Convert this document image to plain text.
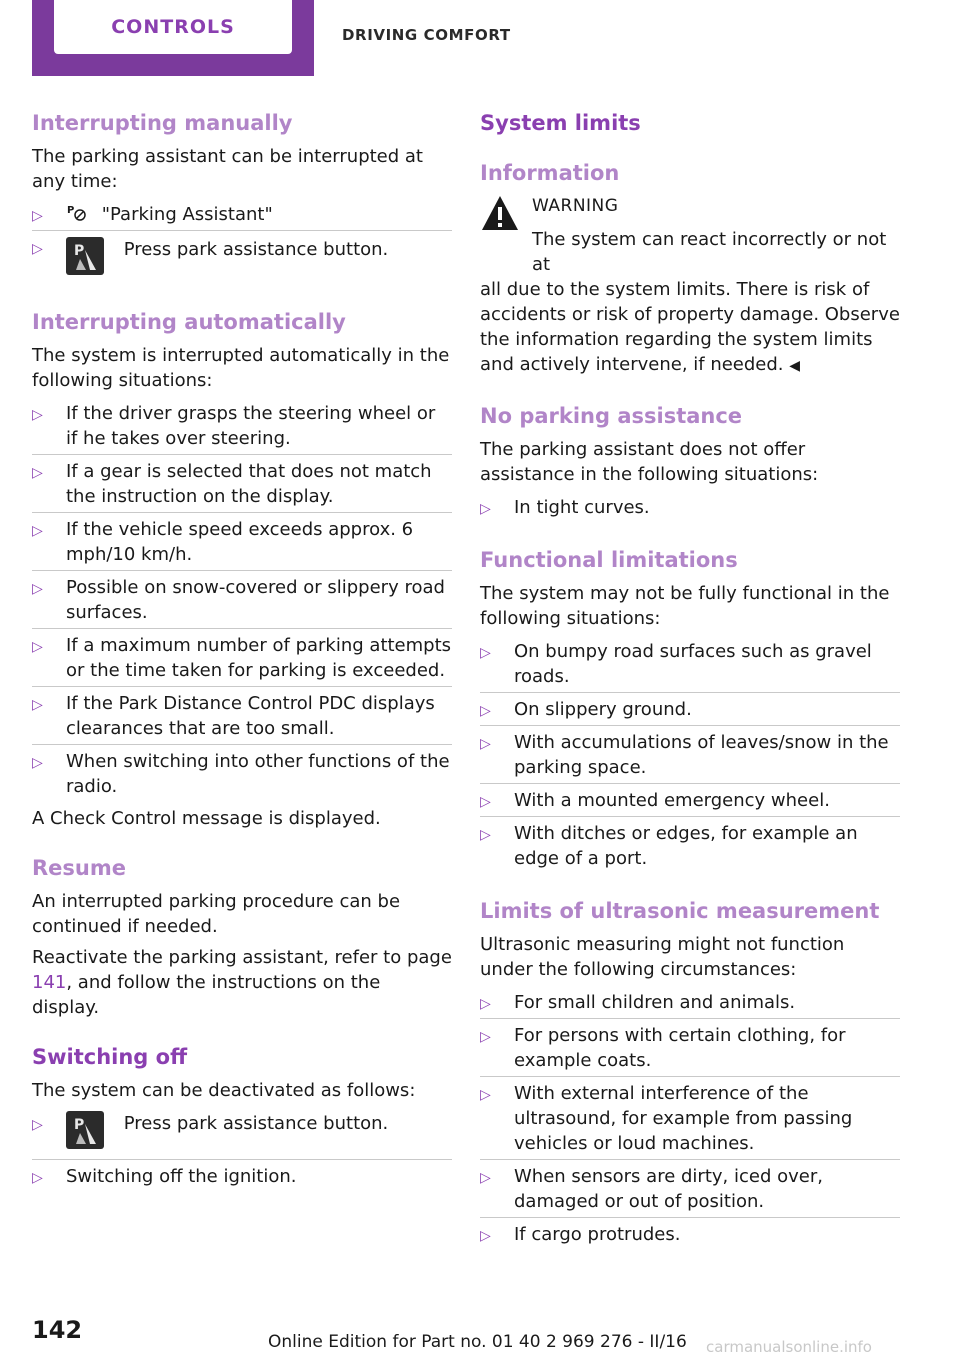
CONTROLS	DRIVING COMFORT
Interrupting manually

The parking assistant can be interrupted at any time:

▷ P "Parking Assistant"
▷ P Press park assistance button.
Interrupting automatically

The system is interrupted automatically in the following situations:

▷ If the driver grasps the steering wheel or if he takes over steering.
▷ If a gear is selected that does not match the instruction on the display.
▷ If the vehicle speed exceeds approx. 6 mph/10 km/h.
▷ Possible on snow-covered or slippery road surfaces.
▷ If a maximum number of parking attempts or the time taken for parking is exceeded.
▷ If the Park Distance Control PDC displays clearances that are too small.
▷ When switching into other functions of the radio.

A Check Control message is displayed.

Resume

An interrupted parking procedure can be continued if needed.

Reactivate the parking assistant, refer to page 141, and follow the instructions on the display.

Switching off

The system can be deactivated as follows:

▷ P Press park assistance button.
▷ Switching off the ignition.
System limits
Information

WARNING

The system can react incorrectly or not at

all due to the system limits. There is risk of accidents or risk of property damage. Observe the information regarding the system limits and actively intervene, if needed. ◀

No parking assistance

The parking assistant does not offer assistance in the following situations:

▷ In tight curves.
Functional limitations

The system may not be fully functional in the following situations:

▷ On bumpy road surfaces such as gravel roads.
▷ On slippery ground.
▷ With accumulations of leaves/snow in the parking space.
▷ With a mounted emergency wheel.
▷ With ditches or edges, for example an edge of a port.
Limits of ultrasonic measurement

Ultrasonic measuring might not function under the following circumstances:

▷ For small children and animals.
▷ For persons with certain clothing, for example coats.
▷ With external interference of the ultrasound, for example from passing vehicles or loud machines.
▷ When sensors are dirty, iced over, damaged or out of position.
▷ If cargo protrudes.
142	Online Edition for Part no. 01 40 2 969 276 - II/16 carmanualsonline.info
